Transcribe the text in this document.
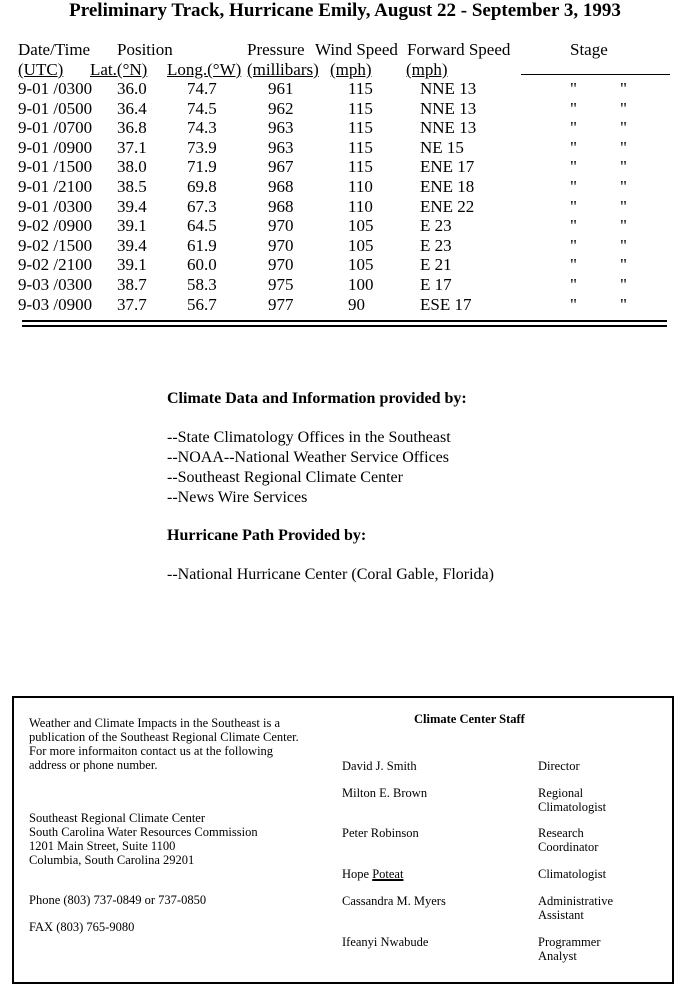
Preliminary Track, Hurricane Emily, August 22 - September 3, 1993
Date/Time Position	Pressure Wind Speed Forward Speed	Stage
(UTC) Lat.(°N) Long.(°W) (millibars) (mph) (mph)
9-01 /0300 36.0 74.7	961	115	NNE 13	"	"
9-01 /0500 36.4 74.5	962	115	NNE 13	"	"
9-01 /0700 36.8 74.3	963	115	NNE 13	"	"
9-01 /0900 37.1 73.9	963	115	NE 15	"	"
9-01 /1500 38.0 71.9	967	115	ENE 17	"	"
9-01 /2100 38.5 69.8	968	110	ENE 18	"	"
9-01 /0300 39.4 67.3	968	110	ENE 22	"	"
9-02 /0900 39.1 64.5	970	105	E 23	"	"
9-02 /1500 39.4 61.9	970	105	E 23	"	"
9-02 /2100 39.1 60.0	970	105	E 21	"	"
9-03 /0300 38.7 58.3	975	100	E 17	"	"
9-03 /0900 37.7 56.7	977	90	ESE 17	"	"
Climate Data and Information provided by:
--State Climatology Offices in the Southeast
--NOAA--National Weather Service Offices
--Southeast Regional Climate Center
--News Wire Services
Hurricane Path Provided by:
--National Hurricane Center (Coral Gable, Florida)
Weather and Climate Impacts in the Southeast is a
publication of the Southeast Regional Climate Center.
For more informaiton contact us at the following
address or phone number.
Southeast Regional Climate Center
South Carolina Water Resources Commission
1201 Main Street, Suite 1100
Columbia, South Carolina 29201
Phone (803) 737-0849 or 737-0850
FAX (803) 765-9080
Climate Center Staff
David J. Smith	Director
Milton E. Brown	Regional
Climatologist
Peter Robinson	Research
Coordinator
Hope Poteat	Climatologist
Cassandra M. Myers	Administrative
Assistant
Ifeanyi Nwabude	Programmer
Analyst
